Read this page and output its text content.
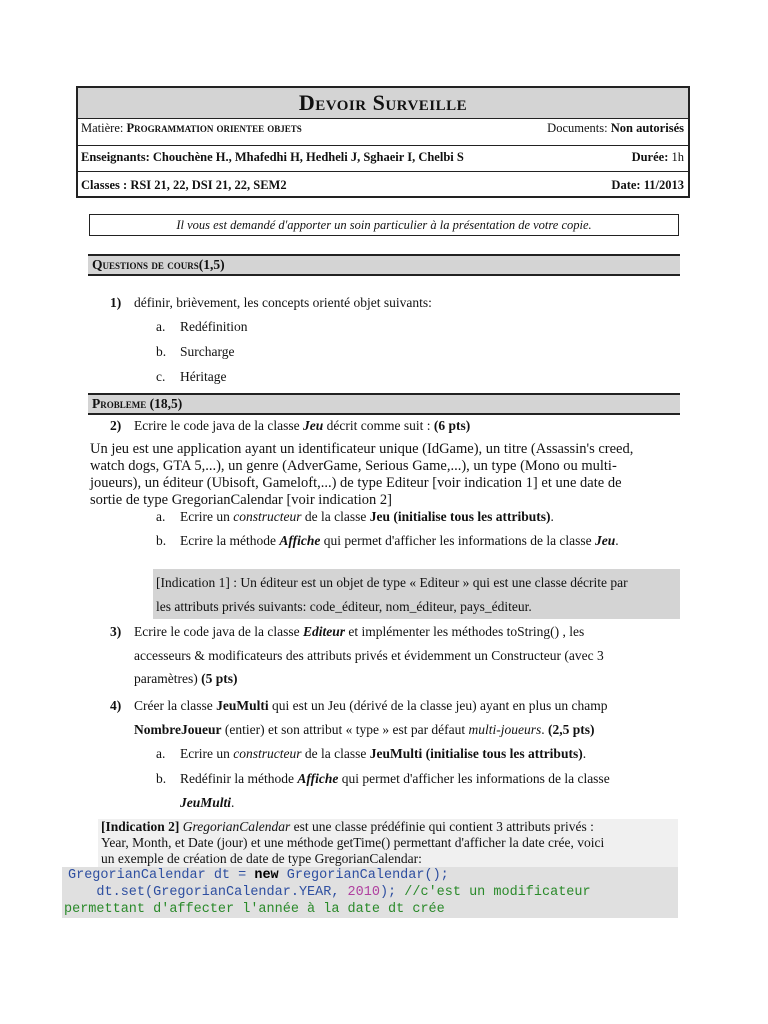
Devoir Surveille
Matière: Programmation orientee objets	Documents: Non autorisés
Enseignants: Chouchène H., Mhafedhi H, Hedheli J, Sghaeir I, Chelbi S	Durée: 1h
Classes : RSI 21, 22, DSI 21, 22, SEM2	Date: 11/2013
Il vous est demandé d'apporter un soin particulier à la présentation de votre copie.
Questions de cours(1,5)
1) définir, brièvement, les concepts orienté objet suivants:
a. Redéfinition
b. Surcharge
c. Héritage
Probleme (18,5)
2) Ecrire le code java de la classe Jeu décrit comme suit : (6 pts)
Un jeu est une application ayant un identificateur unique (IdGame), un titre (Assassin's creed,
watch dogs, GTA 5,...), un genre (AdverGame, Serious Game,...), un type (Mono ou multi-
joueurs), un éditeur (Ubisoft, Gameloft,...) de type Editeur [voir indication 1] et une date de
sortie de type GregorianCalendar [voir indication 2]
a. Ecrire un constructeur de la classe Jeu (initialise tous les attributs).
b. Ecrire la méthode Affiche qui permet d'afficher les informations de la classe Jeu.
[Indication 1] : Un éditeur est un objet de type « Editeur » qui est une classe décrite par
les attributs privés suivants: code_éditeur, nom_éditeur, pays_éditeur.
3) Ecrire le code java de la classe Editeur et implémenter les méthodes toString() , les
accesseurs & modificateurs des attributs privés et évidemment un Constructeur (avec 3
paramètres) (5 pts)
4) Créer la classe JeuMulti qui est un Jeu (dérivé de la classe jeu) ayant en plus un champ
NombreJoueur (entier) et son attribut « type » est par défaut multi-joueurs. (2,5 pts)
a. Ecrire un constructeur de la classe JeuMulti (initialise tous les attributs).
b. Redéfinir la méthode Affiche qui permet d'afficher les informations de la classe
JeuMulti.
[Indication 2] GregorianCalendar est une classe prédéfinie qui contient 3 attributs privés :
Year, Month, et Date (jour) et une méthode getTime() permettant d'afficher la date crée, voici
un exemple de création de date de type GregorianCalendar:
GregorianCalendar dt = new GregorianCalendar();
dt.set(GregorianCalendar.YEAR, 2010); //c'est un modificateur
permettant d'affecter l'année à la date dt crée
